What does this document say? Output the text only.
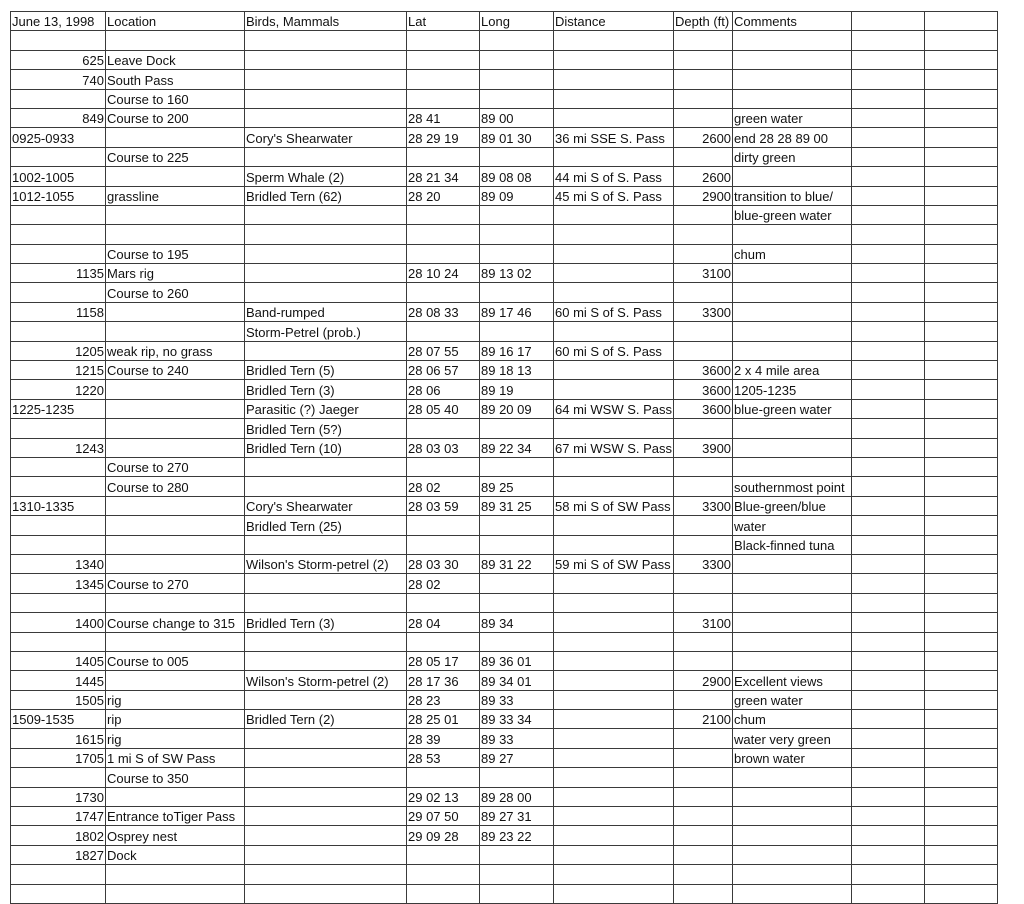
June 13, 1998	Location	Birds, Mammals	Lat	Long	Distance	Depth (ft)	Comments		

625	Leave Dock								
740	South Pass								
	Course to 160								
849	Course to 200		28 41	89 00			green water		
0925-0933		Cory's Shearwater	28 29 19	89 01 30	36 mi SSE S. Pass	2600	end 28 28 89 00		
	Course to 225						dirty green		
1002-1005		Sperm Whale (2)	28 21 34	89 08 08	44 mi S of S. Pass	2600			
1012-1055	grassline	Bridled Tern (62)	28 20	89 09	45 mi S of S. Pass	2900	transition to blue/		
							blue-green water		

	Course to 195						chum		
1135	Mars rig		28 10 24	89 13 02		3100			
	Course to 260								
1158		Band-rumped	28 08 33	89 17 46	60 mi S of S. Pass	3300			
		Storm-Petrel (prob.)							
1205	weak rip, no grass		28 07 55	89 16 17	60 mi S of S. Pass				
1215	Course to 240	Bridled Tern (5)	28 06 57	89 18 13		3600	2 x 4 mile area		
1220		Bridled Tern (3)	28 06	89 19		3600	1205-1235		
1225-1235		Parasitic (?) Jaeger	28 05 40	89 20 09	64 mi WSW S. Pass	3600	blue-green water		
		Bridled Tern (5?)							
1243		Bridled Tern (10)	28 03 03	89 22 34	67 mi WSW S. Pass	3900			
	Course to 270								
	Course to 280		28 02	89 25			southernmost point		
1310-1335		Cory's Shearwater	28 03 59	89 31 25	58 mi S of SW Pass	3300	Blue-green/blue		
		Bridled Tern (25)					water		
							Black-finned tuna		
1340		Wilson's Storm-petrel (2)	28 03 30	89 31 22	59 mi S of SW Pass	3300			
1345	Course to 270		28 02						

1400	Course change to 315	Bridled Tern (3)	28 04	89 34		3100			

1405	Course to 005		28 05 17	89 36 01					
1445		Wilson's Storm-petrel (2)	28 17 36	89 34 01		2900	Excellent views		
1505	rig		28 23	89 33			green water		
1509-1535	rip	Bridled Tern (2)	28 25 01	89 33 34		2100	chum		
1615	rig		28 39	89 33			water very green		
1705	1 mi S of SW Pass		28 53	89 27			brown water		
	Course to 350								
1730			29 02 13	89 28 00					
1747	Entrance toTiger Pass		29 07 50	89 27 31					
1802	Osprey nest		29 09 28	89 23 22					
1827	Dock								
